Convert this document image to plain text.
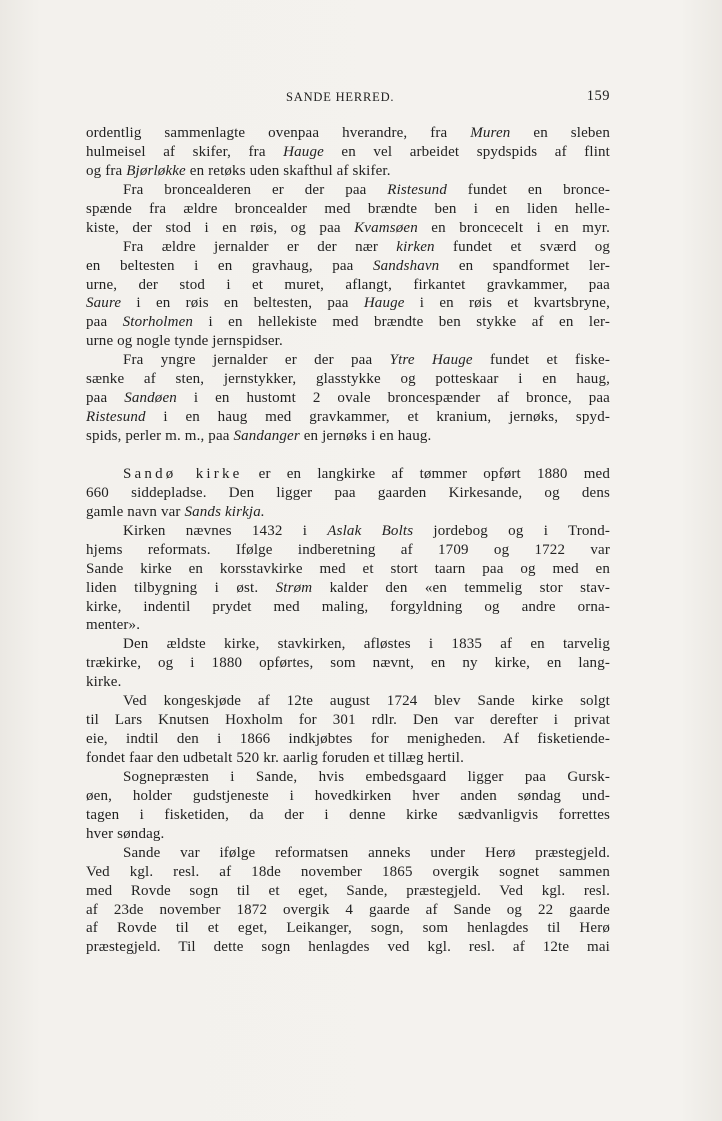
SANDE HERRED.	159
ordentlig sammenlagte ovenpaa hverandre, fra Muren en sleben
hulmeisel af skifer, fra Hauge en vel arbeidet spydspids af flint
og fra Bjørløkke en retøks uden skafthul af skifer.
Fra broncealderen er der paa Ristesund fundet en bronce-
spænde fra ældre broncealder med brændte ben i en liden helle-
kiste, der stod i en røis, og paa Kvamsøen en broncecelt i en myr.
Fra ældre jernalder er der nær kirken fundet et sværd og
en beltesten i en gravhaug, paa Sandshavn en spandformet ler-
urne, der stod i et muret, aflangt, firkantet gravkammer, paa
Saure i en røis en beltesten, paa Hauge i en røis et kvartsbryne,
paa Storholmen i en hellekiste med brændte ben stykke af en ler-
urne og nogle tynde jernspidser.
Fra yngre jernalder er der paa Ytre Hauge fundet et fiske-
sænke af sten, jernstykker, glasstykke og potteskaar i en haug,
paa Sandøen i en hustomt 2 ovale broncespænder af bronce, paa
Ristesund i en haug med gravkammer, et kranium, jernøks, spyd-
spids, perler m. m., paa Sandanger en jernøks i en haug.
Sandø kirke er en langkirke af tømmer opført 1880 med
660 siddepladse. Den ligger paa gaarden Kirkesande, og dens
gamle navn var Sands kirkja.
Kirken nævnes 1432 i Aslak Bolts jordebog og i Trond-
hjems reformats. Ifølge indberetning af 1709 og 1722 var
Sande kirke en korsstavkirke med et stort taarn paa og med en
liden tilbygning i øst. Strøm kalder den «en temmelig stor stav-
kirke, indentil prydet med maling, forgyldning og andre orna-
menter».
Den ældste kirke, stavkirken, afløstes i 1835 af en tarvelig
trækirke, og i 1880 opførtes, som nævnt, en ny kirke, en lang-
kirke.
Ved kongeskjøde af 12te august 1724 blev Sande kirke solgt
til Lars Knutsen Hoxholm for 301 rdlr. Den var derefter i privat
eie, indtil den i 1866 indkjøbtes for menigheden. Af fisketiende-
fondet faar den udbetalt 520 kr. aarlig foruden et tillæg hertil.
Sognepræsten i Sande, hvis embedsgaard ligger paa Gursk-
øen, holder gudstjeneste i hovedkirken hver anden søndag und-
tagen i fisketiden, da der i denne kirke sædvanligvis forrettes
hver søndag.
Sande var ifølge reformatsen anneks under Herø præstegjeld.
Ved kgl. resl. af 18de november 1865 overgik sognet sammen
med Rovde sogn til et eget, Sande, præstegjeld. Ved kgl. resl.
af 23de november 1872 overgik 4 gaarde af Sande og 22 gaarde
af Rovde til et eget, Leikanger, sogn, som henlagdes til Herø
præstegjeld. Til dette sogn henlagdes ved kgl. resl. af 12te mai
